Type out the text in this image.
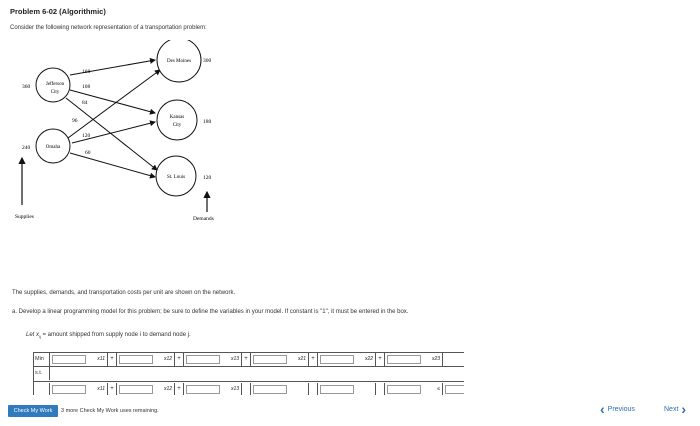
Problem 6-02 (Algorithmic)
Consider the following network representation of a transportation problem:
168
108
84
96
120
60
Jefferson
City
360
Omaha
240
Supplies
Des Moines 300
Kansas
City
180
St. Louis	120
Demands
The supplies, demands, and transportation costs per unit are shown on the network.
a. Develop a linear programming model for this problem; be sure to define the variables in your model. If constant is "1", it must be entered in the box.
Let $x_{ij}$ = amount shipped from supply node i to demand node j.
Min	x11 +	x12 +	x13 +	x21 +	x22 +	x23
s.t.
x11 +	x12 +	x13	≤
Check My Work	3 more Check My Work uses remaining.	‹ Previous	Next ›
